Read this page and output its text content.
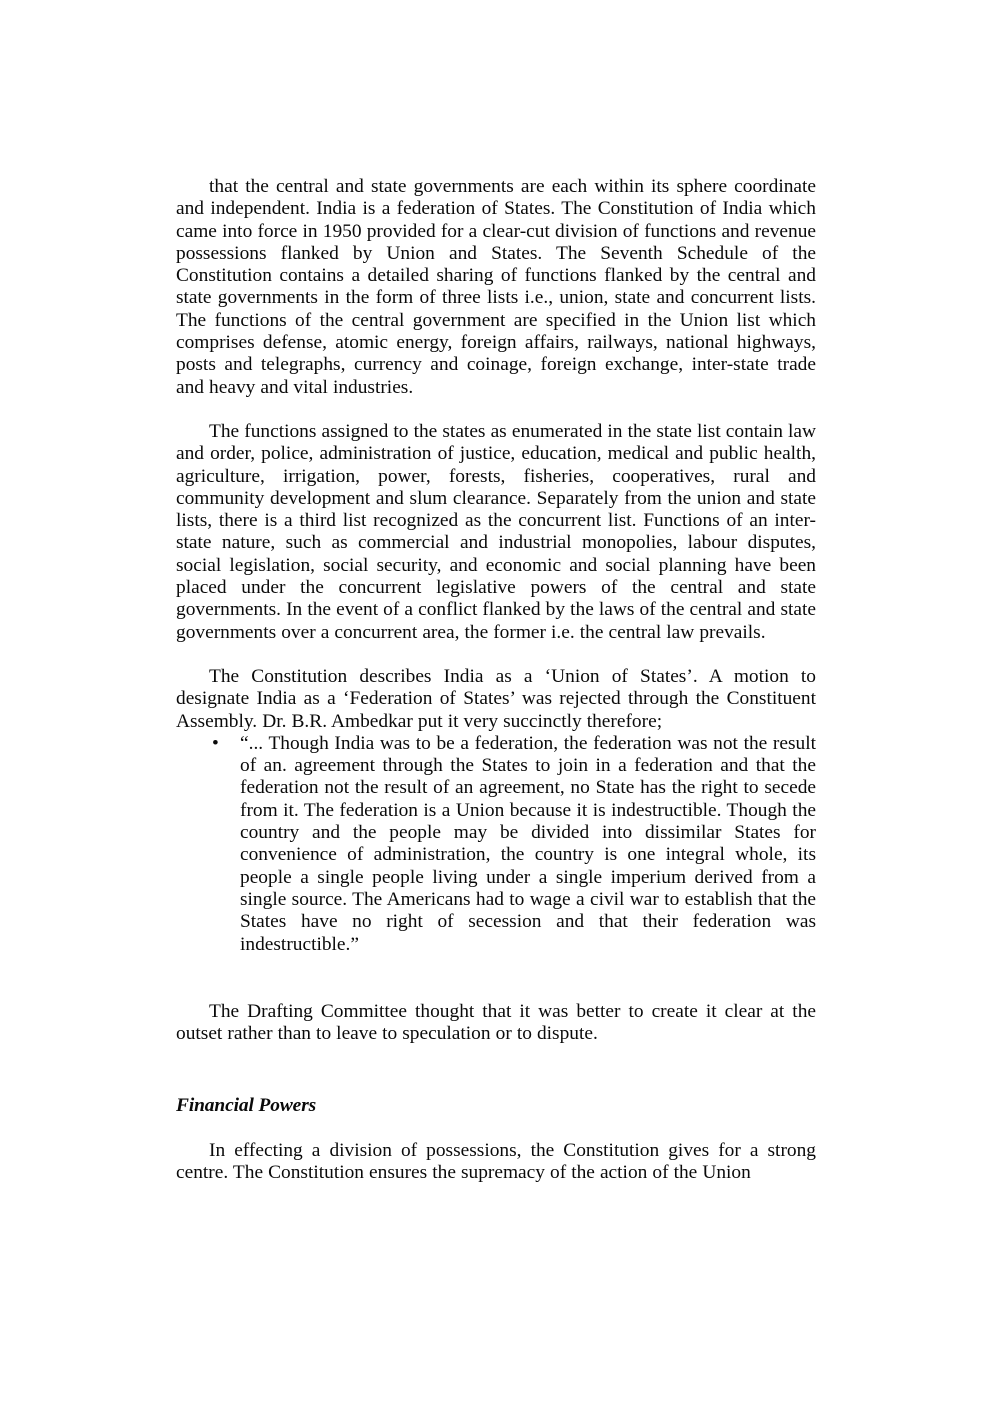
that the central and state governments are each within its sphere coordinate and independent. India is a federation of States. The Constitution of India which came into force in 1950 provided for a clear-cut division of functions and revenue possessions flanked by Union and States. The Seventh Schedule of the Constitution contains a detailed sharing of functions flanked by the central and state governments in the form of three lists i.e., union, state and concurrent lists. The functions of the central government are specified in the Union list which comprises defense, atomic energy, foreign affairs, railways, national highways, posts and telegraphs, currency and coinage, foreign exchange, inter-state trade and heavy and vital industries.

The functions assigned to the states as enumerated in the state list contain law and order, police, administration of justice, education, medical and public health, agriculture, irrigation, power, forests, fisheries, cooperatives, rural and community development and slum clearance. Separately from the union and state lists, there is a third list recognized as the concurrent list. Functions of an inter-state nature, such as commercial and industrial monopolies, labour disputes, social legislation, social security, and economic and social planning have been placed under the concurrent legislative powers of the central and state governments. In the event of a conflict flanked by the laws of the central and state governments over a concurrent area, the former i.e. the central law prevails.

The Constitution describes India as a ‘Union of States’. A motion to designate India as a ‘Federation of States’ was rejected through the Constituent Assembly. Dr. B.R. Ambedkar put it very succinctly therefore;

• “... Though India was to be a federation, the federation was not the result of an. agreement through the States to join in a federation and that the federation not the result of an agreement, no State has the right to secede from it. The federation is a Union because it is indestructible. Though the country and the people may be divided into dissimilar States for convenience of administration, the country is one integral whole, its people a single people living under a single imperium derived from a single source. The Americans had to wage a civil war to establish that the States have no right of secession and that their federation was indestructible.”

The Drafting Committee thought that it was better to create it clear at the outset rather than to leave to speculation or to dispute.

Financial Powers

In effecting a division of possessions, the Constitution gives for a strong centre. The Constitution ensures the supremacy of the action of the Union
